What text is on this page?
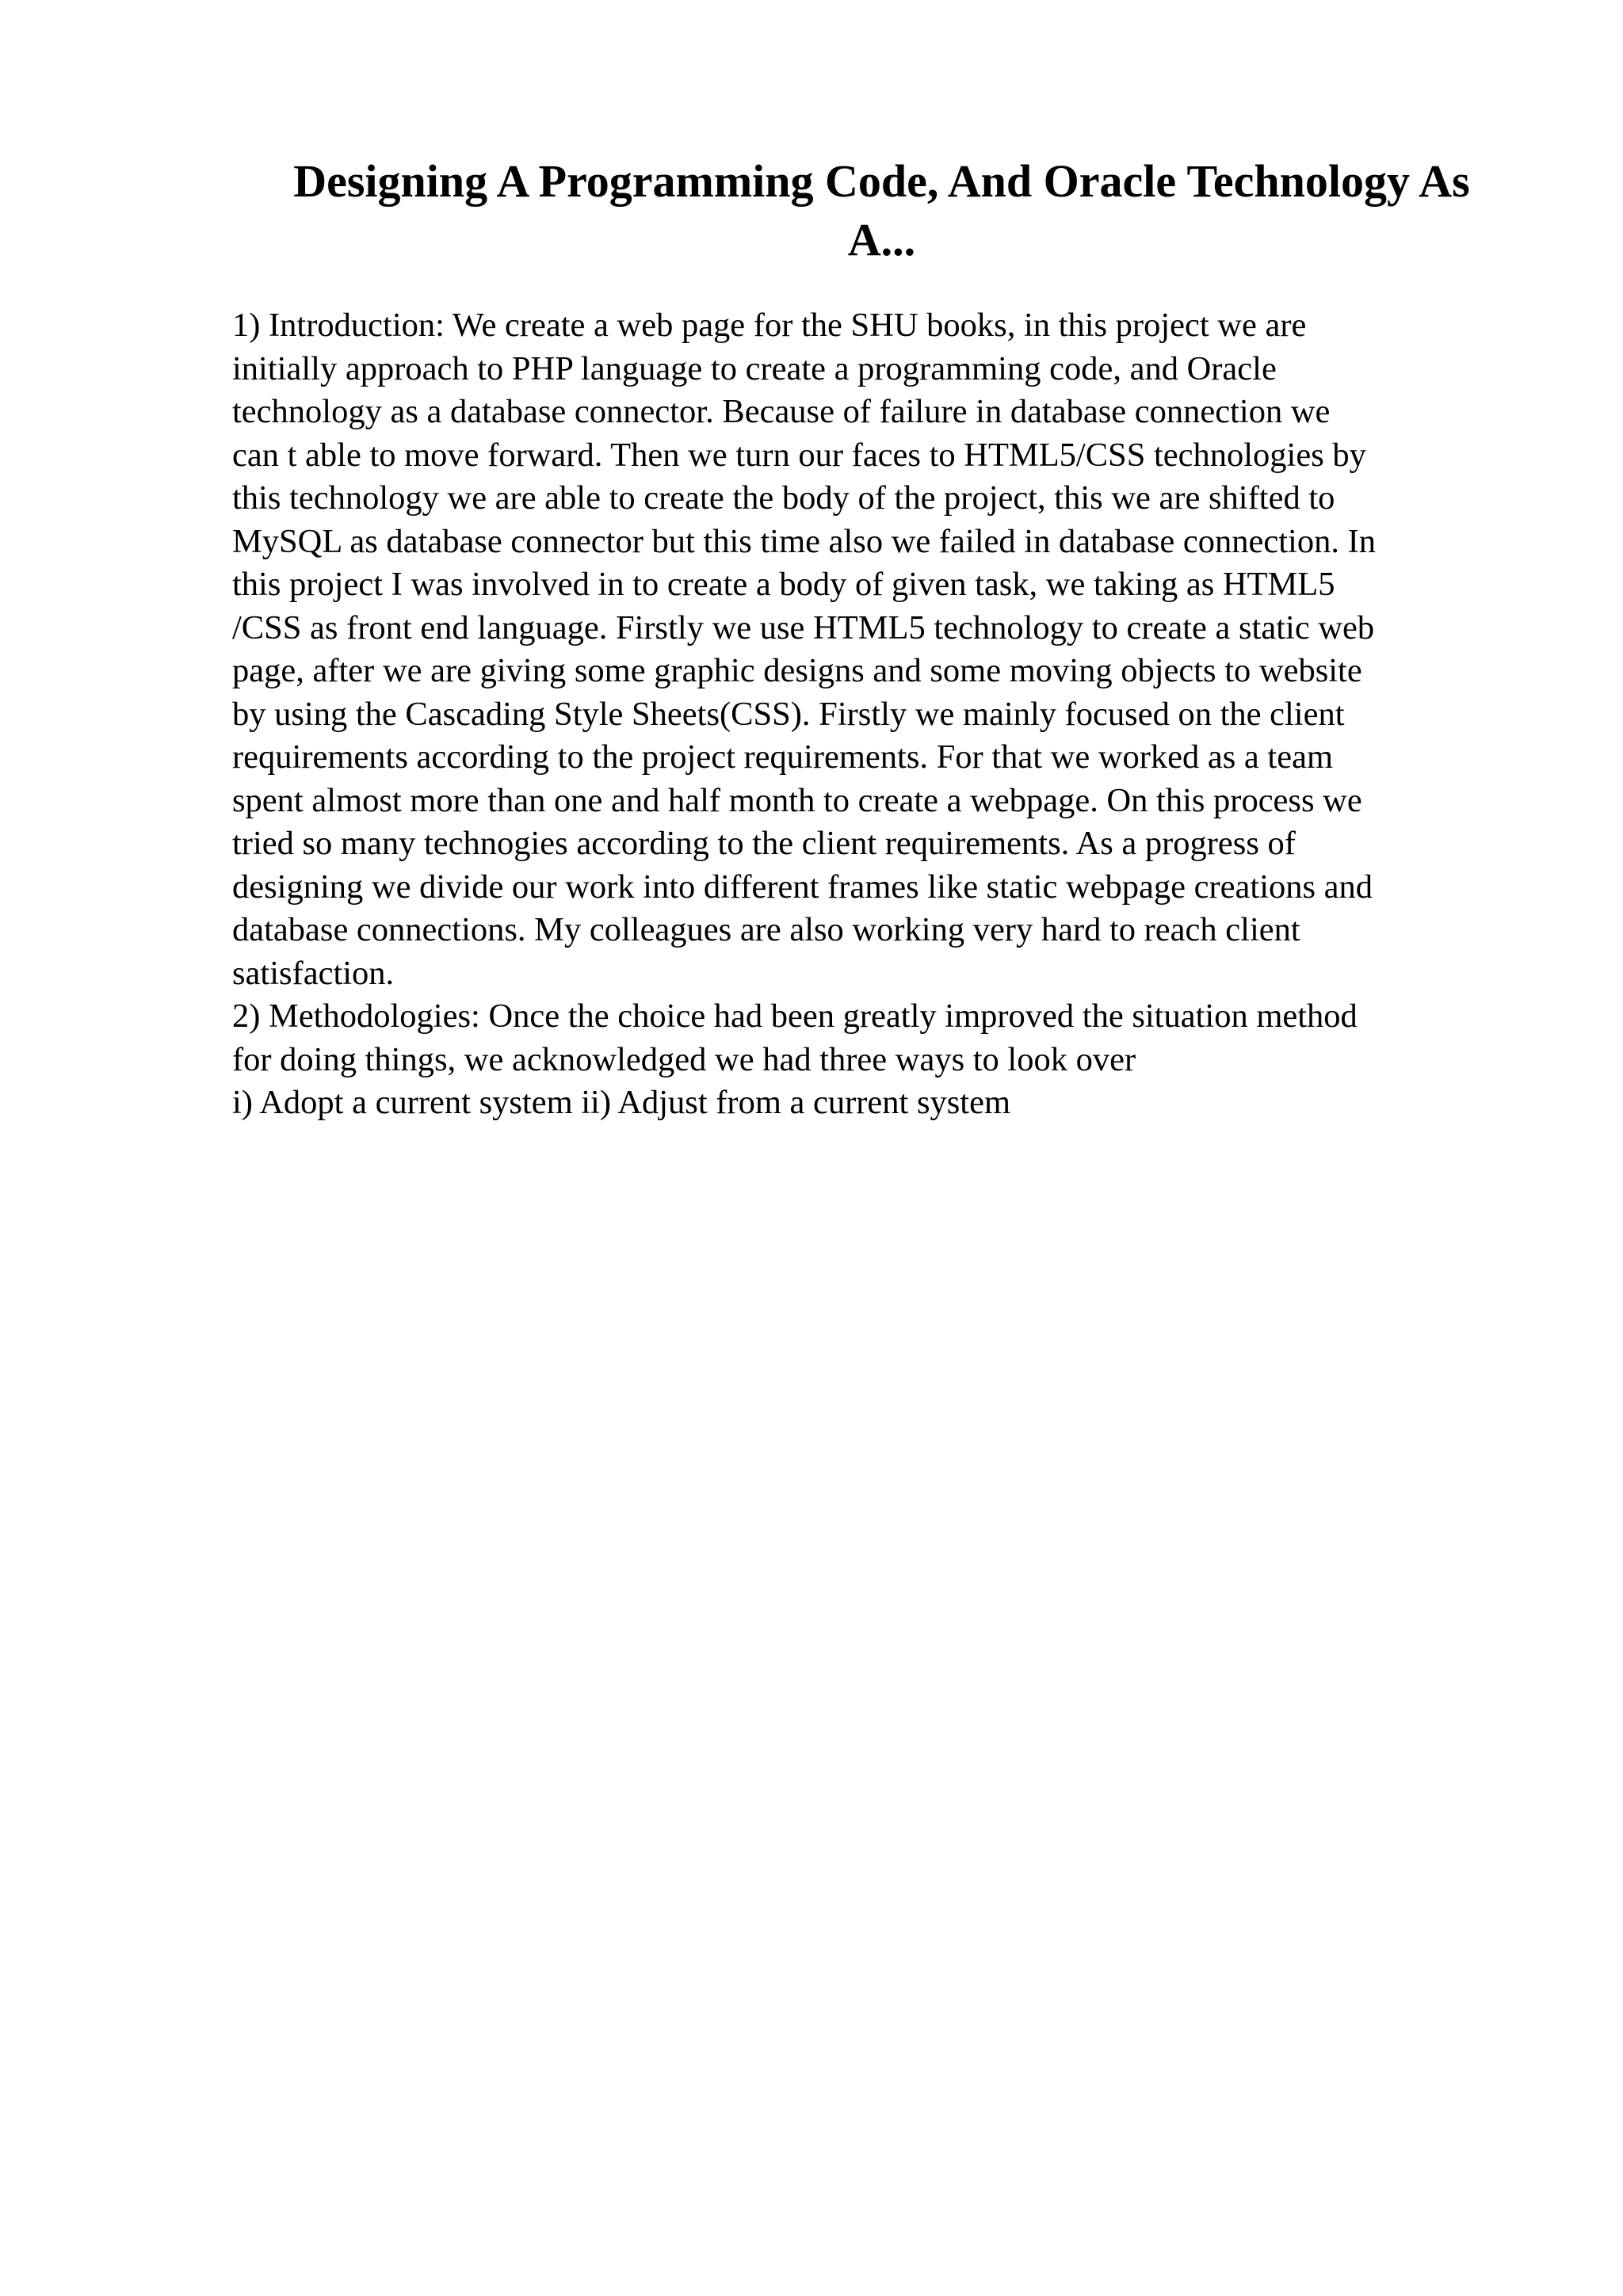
Designing A Programming Code, And Oracle Technology As
A...
1) Introduction: We create a web page for the SHU books, in this project we are
initially approach to PHP language to create a programming code, and Oracle
technology as a database connector. Because of failure in database connection we
can t able to move forward. Then we turn our faces to HTML5/CSS technologies by
this technology we are able to create the body of the project, this we are shifted to
MySQL as database connector but this time also we failed in database connection. In
this project I was involved in to create a body of given task, we taking as HTML5
/CSS as front end language. Firstly we use HTML5 technology to create a static web
page, after we are giving some graphic designs and some moving objects to website
by using the Cascading Style Sheets(CSS). Firstly we mainly focused on the client
requirements according to the project requirements. For that we worked as a team
spent almost more than one and half month to create a webpage. On this process we
tried so many technogies according to the client requirements. As a progress of
designing we divide our work into different frames like static webpage creations and
database connections. My colleagues are also working very hard to reach client
satisfaction.
2) Methodologies: Once the choice had been greatly improved the situation method
for doing things, we acknowledged we had three ways to look over
i) Adopt a current system ii) Adjust from a current system
